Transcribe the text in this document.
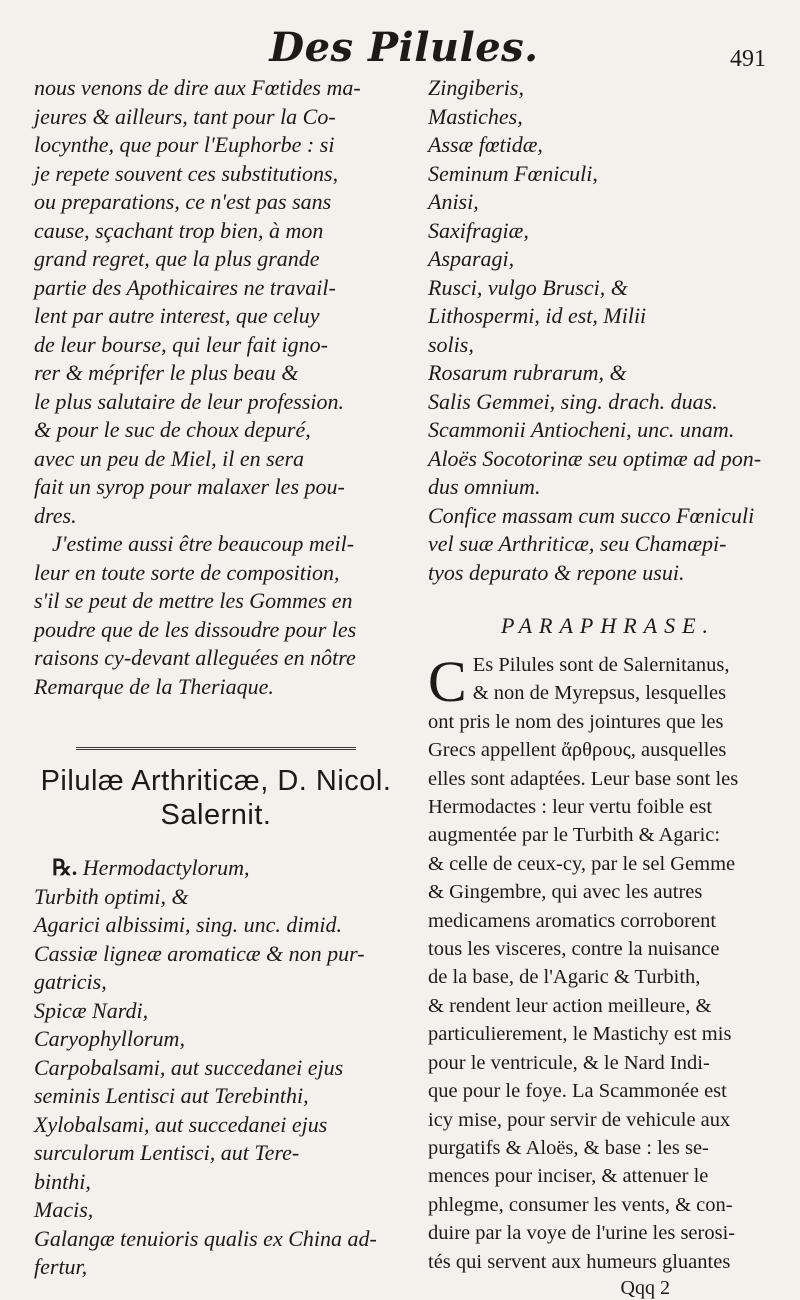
Des Pilules.	491
nous venons de dire aux Fœtides ma-
jeures & ailleurs, tant pour la Co-
locynthe, que pour l'Euphorbe : si
je repete souvent ces substitutions,
ou preparations, ce n'est pas sans
cause, sçachant trop bien, à mon
grand regret, que la plus grande
partie des Apothicaires ne travail-
lent par autre interest, que celuy
de leur bourse, qui leur fait igno-
rer & méprifer le plus beau &
le plus salutaire de leur profession.
& pour le suc de choux depuré,
avec un peu de Miel, il en sera
fait un syrop pour malaxer les pou-
dres.
J'estime aussi être beaucoup meil-
leur en toute sorte de composition,
s'il se peut de mettre les Gommes en
poudre que de les dissoudre pour les
raisons cy-devant alleguées en nôtre
Remarque de la Theriaque.
Pilulæ Arthriticæ, D. Nicol.
Salernit.
℞. Hermodactylorum,
Turbith optimi, &
Agarici albissimi, sing. unc. dimid.
Cassiæ ligneæ aromaticæ & non pur-
gatricis,
Spicæ Nardi,
Caryophyllorum,
Carpobalsami, aut succedanei ejus
seminis Lentisci aut Terebinthi,
Xylobalsami, aut succedanei ejus
surculorum Lentisci, aut Tere-
binthi,
Macis,
Galangæ tenuioris qualis ex China ad-
fertur,
Zingiberis,
Mastiches,
Assæ fœtidæ,
Seminum Fœniculi,
Anisi,
Saxifragiæ,
Asparagi,
Rusci, vulgo Brusci, &
Lithospermi, id est, Milii
solis,
Rosarum rubrarum, &
Salis Gemmei, sing. drach. duas.
Scammonii Antiocheni, unc. unam.
Aloës Socotorinæ seu optimæ ad pon-
dus omnium.
Confice massam cum succo Fœniculi
vel suæ Arthriticæ, seu Chamæpi-
tyos depurato & repone usui.
PARAPHRASE.
C Es Pilules sont de Salernitanus,
& non de Myrepsus, lesquelles
ont pris le nom des jointures que les
Grecs appellent ἄρθρους, ausquelles
elles sont adaptées. Leur base sont les
Hermodactes : leur vertu foible est
augmentée par le Turbith & Agaric:
& celle de ceux-cy, par le sel Gemme
& Gingembre, qui avec les autres
medicamens aromatics corroborent
tous les visceres, contre la nuisance
de la base, de l'Agaric & Turbith,
& rendent leur action meilleure, &
particulierement, le Mastichy est mis
pour le ventricule, & le Nard Indi-
que pour le foye. La Scammonée est
icy mise, pour servir de vehicule aux
purgatifs & Aloës, & base : les se-
mences pour inciser, & attenuer le
phlegme, consumer les vents, & con-
duire par la voye de l'urine les serosi-
tés qui servent aux humeurs gluantes
Qqq 2
